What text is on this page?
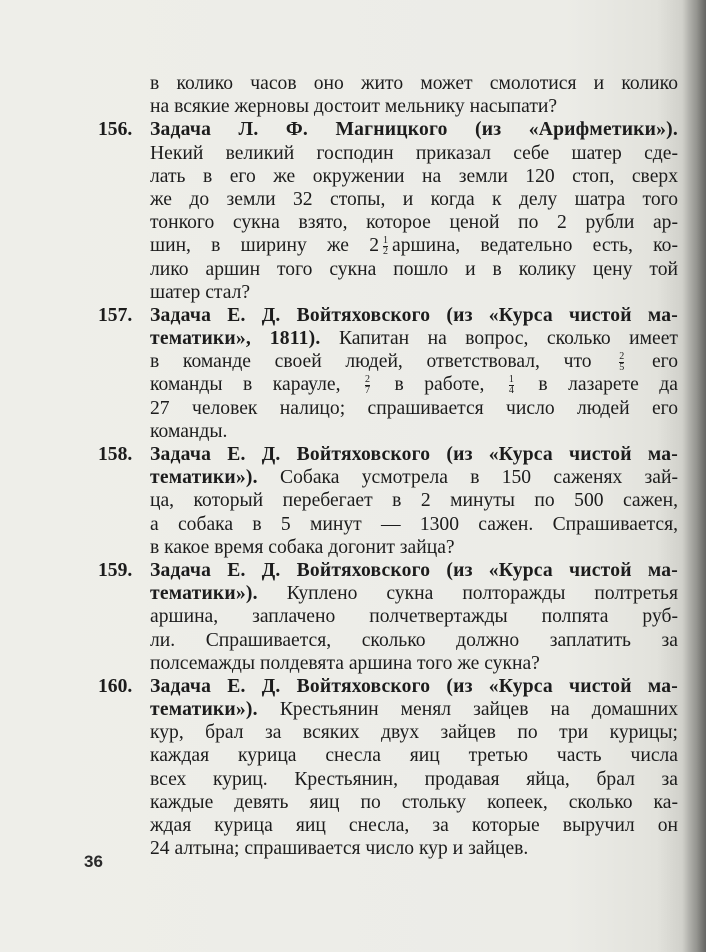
в колико часов оно жито может смолотися и колико
на всякие жерновы достоит мельнику насыпати?
156. Задача Л. Ф. Магницкого (из «Арифметики»).
Некий великий господин приказал себе шатер сде-
лать в его же окружении на земли 120 стоп, сверх
же до земли 32 стопы, и когда к делу шатра того
тонкого сукна взято, которое ценой по 2 рубли ар-
шин, в ширину же $2 \frac{1}{2}$ аршина, ведательно есть, ко-
лико аршин того сукна пошло и в колику цену той
шатер стал?
157. Задача Е. Д. Войтяховского (из «Курса чистой ма-
тематики», 1811). Капитан на вопрос, сколько имеет
в команде своей людей, ответствовал, что	$\frac{2}{5}$ его
команды в карауле, $\frac{2}{7}$ в работе, $\frac{1}{4}$ в лазарете да
27 человек налицо; спрашивается число людей его
команды.
158. Задача Е. Д. Войтяховского (из «Курса чистой ма-
тематики»). Собака усмотрела в 150 саженях зай-
ца, который перебегает в 2 минуты по 500 сажен,
а собака в 5 минут — 1300 сажен. Спрашивается,
в какое время собака догонит зайца?
159. Задача Е. Д. Войтяховского (из «Курса чистой ма-
тематики»). Куплено сукна полторажды полтретья
аршина, заплачено полчетвертажды полпята руб-
ли. Спрашивается, сколько должно заплатить за
полсемажды полдевята аршина того же сукна?
160. Задача Е. Д. Войтяховского (из «Курса чистой ма-
тематики»). Крестьянин менял зайцев на домашних
кур, брал за всяких двух зайцев по три курицы;
каждая курица снесла яиц третью часть числа
всех куриц. Крестьянин, продавая яйца, брал за
каждые девять яиц по стольку копеек, сколько ка-
ждая курица яиц снесла, за которые выручил он
24 алтына; спрашивается число кур и зайцев.
36
